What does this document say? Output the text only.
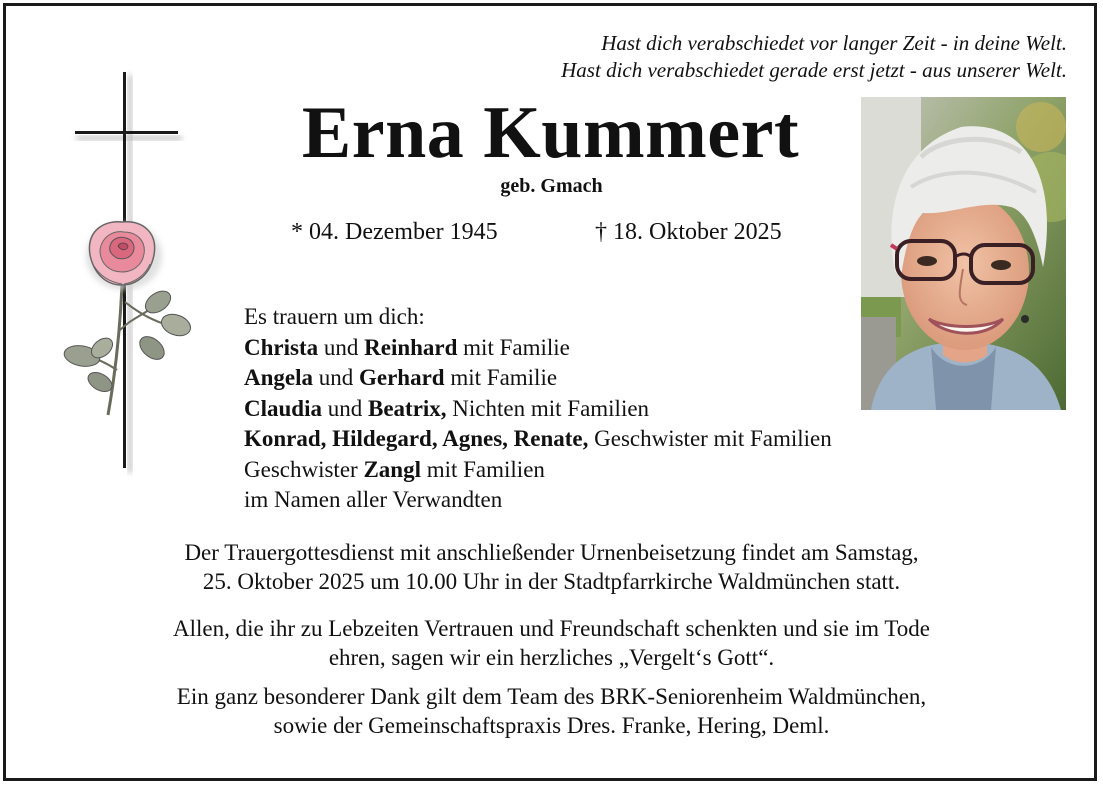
Hast dich verabschiedet vor langer Zeit - in deine Welt.
Hast dich verabschiedet gerade erst jetzt - aus unserer Welt.
Erna Kummert
geb. Gmach
* 04. Dezember 1945	† 18. Oktober 2025
Es trauern um dich:
Christa und Reinhard mit Familie
Angela und Gerhard mit Familie
Claudia und Beatrix, Nichten mit Familien
Konrad, Hildegard, Agnes, Renate, Geschwister mit Familien
Geschwister Zangl mit Familien
im Namen aller Verwandten
Der Trauergottesdienst mit anschließender Urnenbeisetzung findet am Samstag,
25. Oktober 2025 um 10.00 Uhr in der Stadtpfarrkirche Waldmünchen statt.
Allen, die ihr zu Lebzeiten Vertrauen und Freundschaft schenkten und sie im Tode
ehren, sagen wir ein herzliches „Vergelt‘s Gott“.
Ein ganz besonderer Dank gilt dem Team des BRK-Seniorenheim Waldmünchen,
sowie der Gemeinschaftspraxis Dres. Franke, Hering, Deml.
